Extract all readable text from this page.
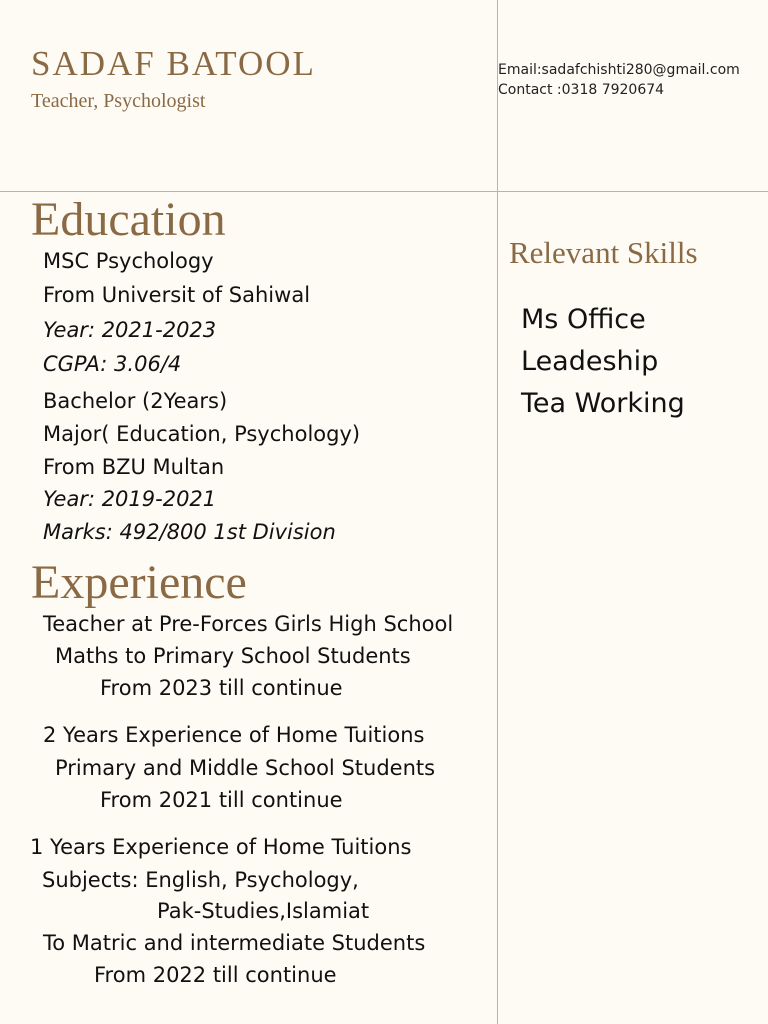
SADAF BATOOL
Teacher, Psychologist
Email:sadafchishti280@gmail.com
Contact :0318 7920674
Education
MSC Psychology
From Universit of Sahiwal
Year: 2021-2023
CGPA: 3.06/4
Bachelor (2Years)
Major( Education, Psychology)
From BZU Multan
Year: 2019-2021
Marks: 492/800 1st Division
Experience
Teacher at Pre-Forces Girls High School
Maths to Primary School Students
From 2023 till continue
2 Years Experience of Home Tuitions
Primary and Middle School Students
From 2021 till continue
1 Years Experience of Home Tuitions
Subjects: English, Psychology,
Pak-Studies,Islamiat
To Matric and intermediate Students
From 2022 till continue
Relevant Skills
Ms Office
Leadeship
Tea Working
